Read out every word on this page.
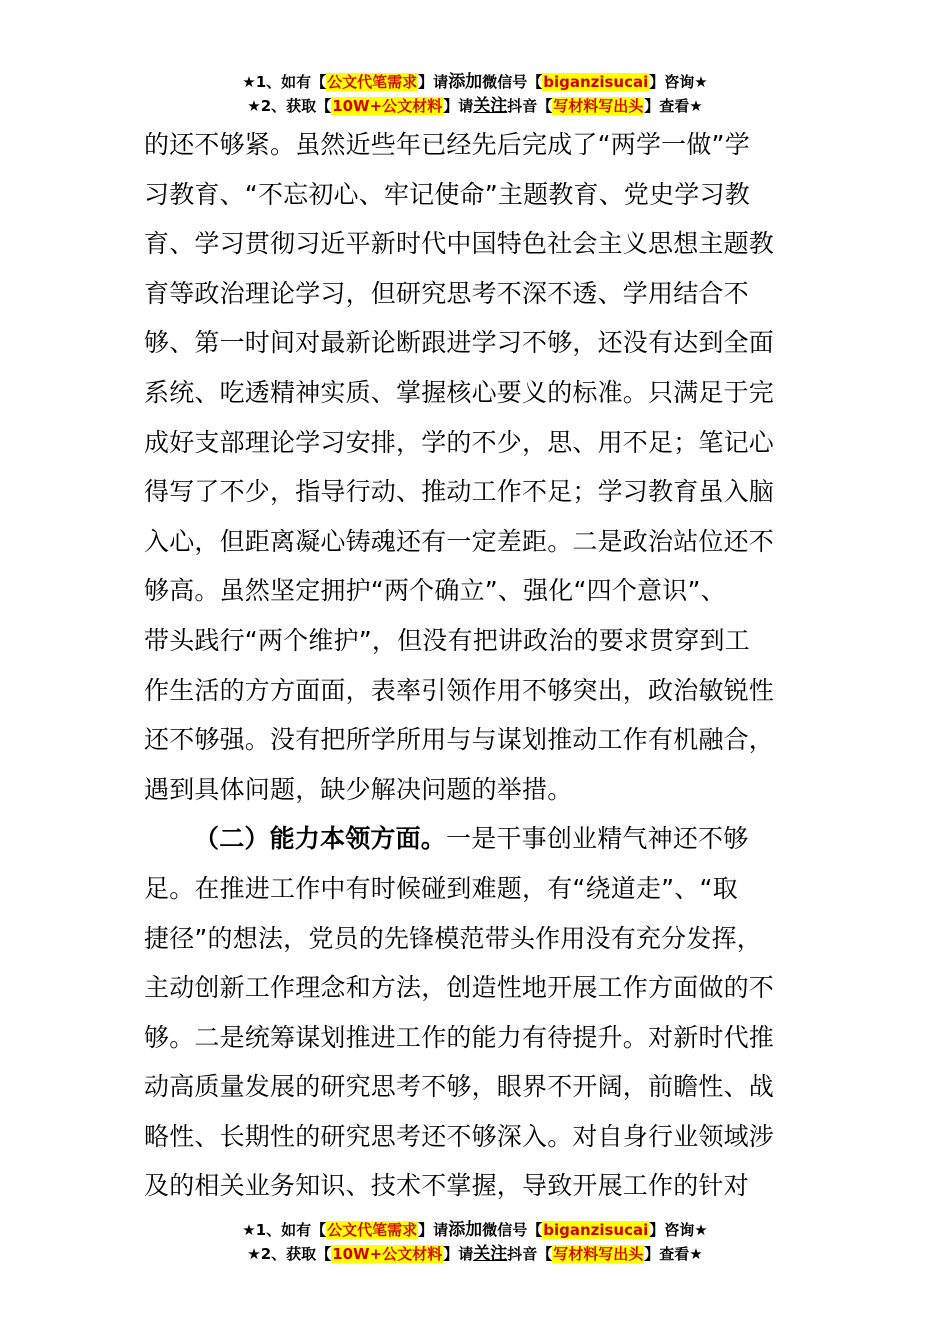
★1、如有【公文代笔需求】请添加微信号【biganzisucai】咨询★
★2、获取【10W+公文材料】请关注抖音【写材料写出头】查看★
的还不够紧。虽然近些年已经先后完成了“两学一做”学
习教育、“不忘初心、牢记使命”主题教育、党史学习教
育、学习贯彻习近平新时代中国特色社会主义思想主题教
育等政治理论学习，但研究思考不深不透、学用结合不
够、第一时间对最新论断跟进学习不够，还没有达到全面
系统、吃透精神实质、掌握核心要义的标准。只满足于完
成好支部理论学习安排，学的不少，思、用不足；笔记心
得写了不少，指导行动、推动工作不足；学习教育虽入脑
入心，但距离凝心铸魂还有一定差距。二是政治站位还不
够高。虽然坚定拥护“两个确立”、强化“四个意识”、
带头践行“两个维护”，但没有把讲政治的要求贯穿到工
作生活的方方面面，表率引领作用不够突出，政治敏锐性
还不够强。没有把所学所用与与谋划推动工作有机融合，
遇到具体问题，缺少解决问题的举措。
（二）能力本领方面。一是干事创业精气神还不够
足。在推进工作中有时候碰到难题，有“绕道走”、“取
捷径”的想法，党员的先锋模范带头作用没有充分发挥，
主动创新工作理念和方法，创造性地开展工作方面做的不
够。二是统筹谋划推进工作的能力有待提升。对新时代推
动高质量发展的研究思考不够，眼界不开阔，前瞻性、战
略性、长期性的研究思考还不够深入。对自身行业领域涉
及的相关业务知识、技术不掌握，导致开展工作的针对
★1、如有【公文代笔需求】请添加微信号【biganzisucai】咨询★
★2、获取【10W+公文材料】请关注抖音【写材料写出头】查看★
